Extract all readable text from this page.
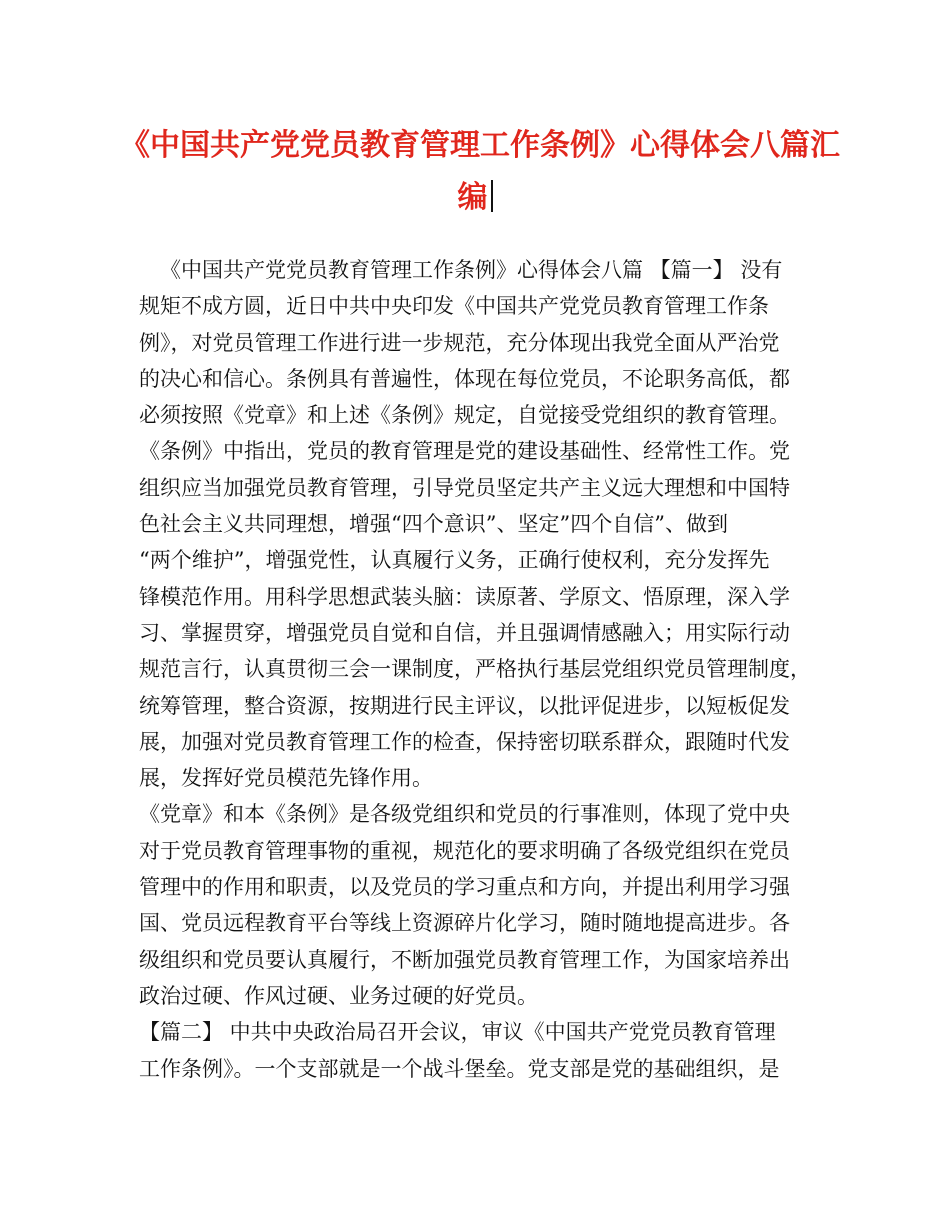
《中国共产党党员教育管理工作条例》心得体会八篇汇
编
《中国共产党党员教育管理工作条例》心得体会八篇 【篇一】 没有
规矩不成方圆，近日中共中央印发《中国共产党党员教育管理工作条
例》，对党员管理工作进行进一步规范，充分体现出我党全面从严治党
的决心和信心。条例具有普遍性，体现在每位党员，不论职务高低，都
必须按照《党章》和上述《条例》规定，自觉接受党组织的教育管理。
《条例》中指出，党员的教育管理是党的建设基础性、经常性工作。党
组织应当加强党员教育管理，引导党员坚定共产主义远大理想和中国特
色社会主义共同理想，增强“四个意识”、坚定”四个自信”、做到
“两个维护”，增强党性，认真履行义务，正确行使权利，充分发挥先
锋模范作用。用科学思想武装头脑：读原著、学原文、悟原理，深入学
习、掌握贯穿，增强党员自觉和自信，并且强调情感融入；用实际行动
规范言行，认真贯彻三会一课制度，严格执行基层党组织党员管理制度，
统筹管理，整合资源，按期进行民主评议，以批评促进步，以短板促发
展，加强对党员教育管理工作的检查，保持密切联系群众，跟随时代发
展，发挥好党员模范先锋作用。
《党章》和本《条例》是各级党组织和党员的行事准则，体现了党中央
对于党员教育管理事物的重视，规范化的要求明确了各级党组织在党员
管理中的作用和职责，以及党员的学习重点和方向，并提出利用学习强
国、党员远程教育平台等线上资源碎片化学习，随时随地提高进步。各
级组织和党员要认真履行，不断加强党员教育管理工作，为国家培养出
政治过硬、作风过硬、业务过硬的好党员。
【篇二】 中共中央政治局召开会议，审议《中国共产党党员教育管理
工作条例》。一个支部就是一个战斗堡垒。党支部是党的基础组织，是
